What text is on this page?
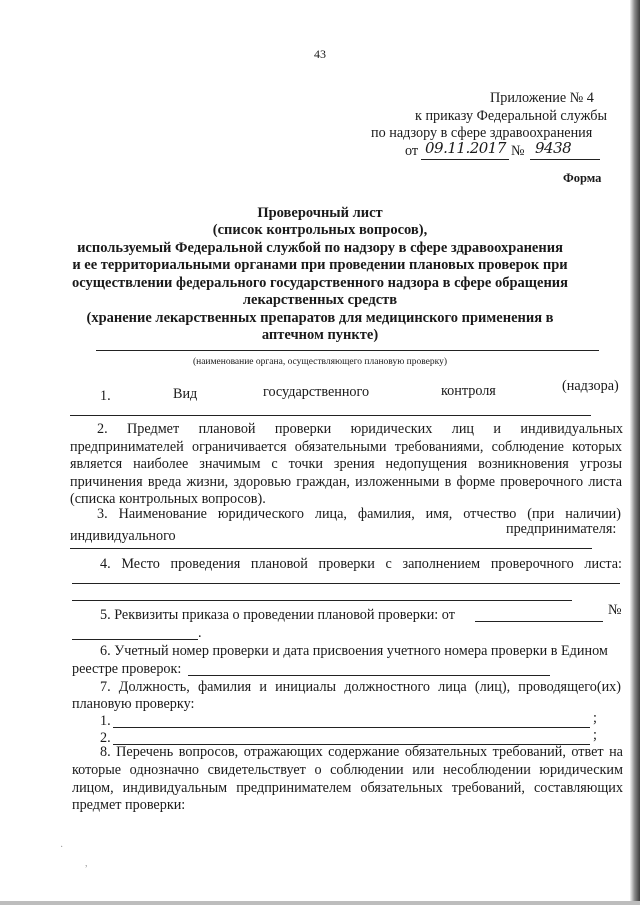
43
Приложение № 4
к приказу Федеральной службы
по надзору в сфере здравоохранения
от 09.11.2017 № 9438
Форма
Проверочный лист
(список контрольных вопросов),
используемый Федеральной службой по надзору в сфере здравоохранения
и ее территориальными органами при проведении плановых проверок при
осуществлении федерального государственного надзора в сфере обращения
лекарственных средств
(хранение лекарственных препаратов для медицинского применения в
аптечном пункте)
(наименование органа, осуществляющего плановую проверку)
1.	Вид	государственного	контроля	(надзора)
2. Предмет плановой проверки юридических лиц и индивидуальных
предпринимателей ограничивается обязательными требованиями, соблюдение которых
является наиболее значимым с точки зрения недопущения возникновения угрозы
причинения вреда жизни, здоровью граждан, изложенными в форме проверочного листа
(списка контрольных вопросов).
3. Наименование юридического лица, фамилия, имя, отчество (при наличии)
индивидуального	предпринимателя:
4. Место проведения плановой проверки с заполнением проверочного листа:
5. Реквизиты приказа о проведении плановой проверки: от	№
.
6. Учетный номер проверки и дата присвоения учетного номера проверки в Едином
реестре проверок:
7. Должность, фамилия и инициалы должностного лица (лиц), проводящего(их)
плановую проверку:
1.	;
2.	;
8. Перечень вопросов, отражающих содержание обязательных требований, ответ на
которые однозначно свидетельствует о соблюдении или несоблюдении юридическим
лицом, индивидуальным предпринимателем обязательных требований, составляющих
предмет проверки:
·
,
